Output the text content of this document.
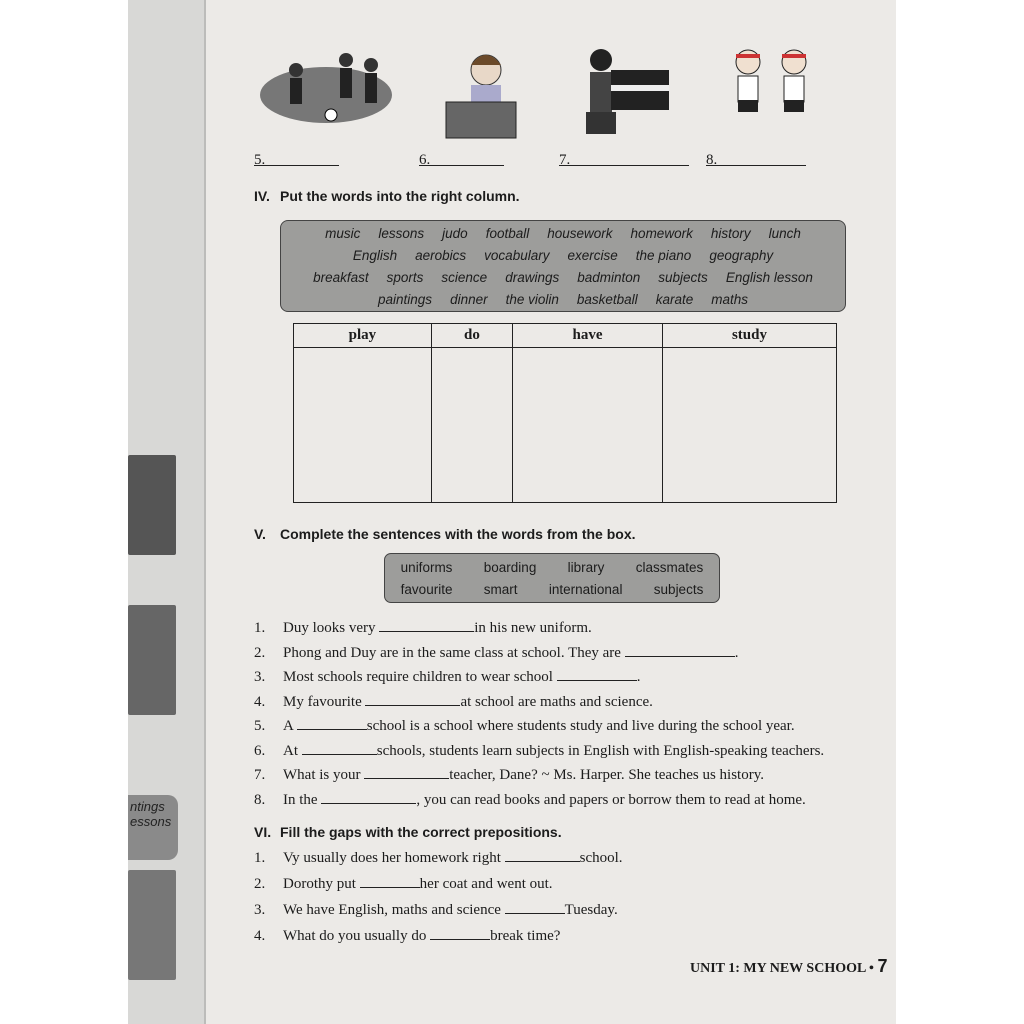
ntings
essons
5.	6.	7.	8.
IV. Put the words into the right column.
music lessons judo football housework homework history lunch
English aerobics vocabulary exercise the piano geography
breakfast sports science drawings badminton subjects English lesson
paintings dinner the violin basketball karate maths
play	do	have	study

V. Complete the sentences with the words from the box.
uniforms boarding library classmates
favourite smart international subjects
1. Duy looks very	in his new uniform.
2. Phong and Duy are in the same class at school. They are	.
3. Most schools require children to wear school	.
4. My favourite	at school are maths and science.
5. A	school is a school where students study and live during the school year.
6. At	schools, students learn subjects in English with English-speaking teachers.
7. What is your	teacher, Dane? ~ Ms. Harper. She teaches us history.
8. In the	, you can read books and papers or borrow them to read at home.
VI. Fill the gaps with the correct prepositions.
1. Vy usually does her homework right	school.
2. Dorothy put	her coat and went out.
3. We have English, maths and science	Tuesday.
4. What do you usually do	break time?
UNIT 1: MY NEW SCHOOL • 7
